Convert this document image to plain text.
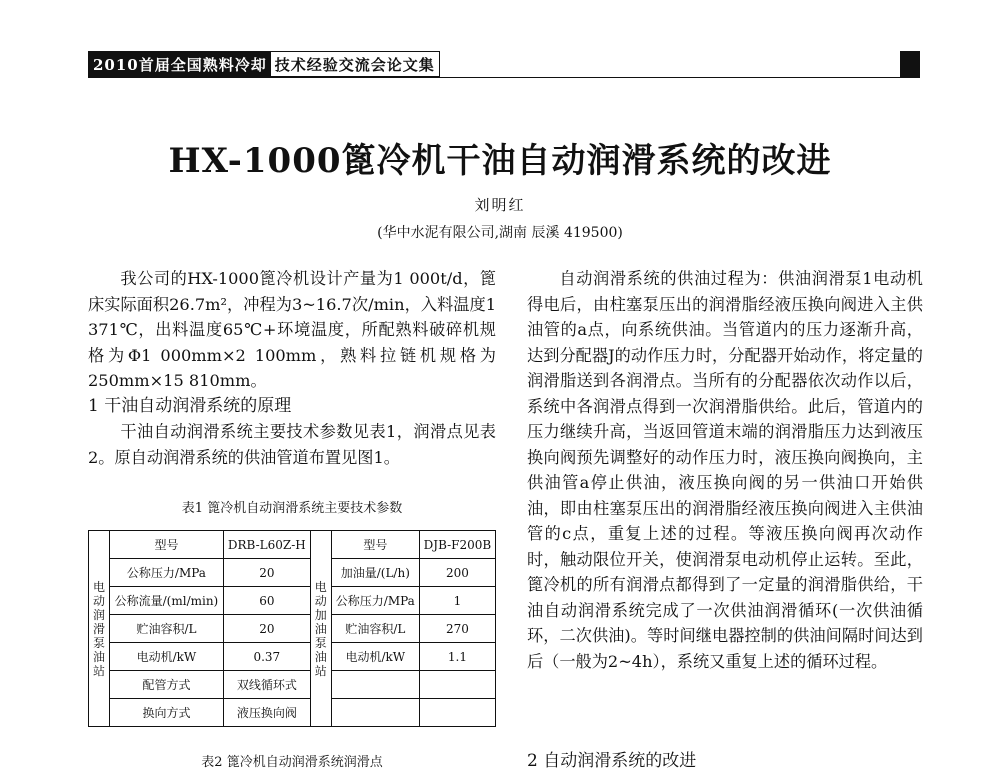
2010首届全国熟料冷却 技术经验交流会论文集
HX-1000篦冷机干油自动润滑系统的改进
刘明红
(华中水泥有限公司,湖南 辰溪 419500)

我公司的HX-1000篦冷机设计产量为1 000t/d，篦床实际面积26.7m²，冲程为3~16.7次/min，入料温度1 371℃，出料温度65℃+环境温度，所配熟料破碎机规格为Φ1 000mm×2 100mm，熟料拉链机规格为250mm×15 810mm。

1 干油自动润滑系统的原理

干油自动润滑系统主要技术参数见表1，润滑点见表2。原自动润滑系统的供油管道布置见图1。

表1 篦冷机自动润滑系统主要技术参数
电动润滑泵油站	型号	DRB-L60Z-H	电动加油泵油站	型号	DJB-F200B
	公称压力/MPa	20		加油量/(L/h)	200
	公称流量/(ml/min)	60		公称压力/MPa	1
	贮油容积/L	20		贮油容积/L	270
	电动机/kW	0.37		电动机/kW	1.1
	配管方式	双线循环式			
	换向方式	液压换向阀			
表2 篦冷机自动润滑系统润滑点

自动润滑系统的供油过程为：供油润滑泵1电动机得电后，由柱塞泵压出的润滑脂经液压换向阀进入主供油管的a点，向系统供油。当管道内的压力逐渐升高，达到分配器J的动作压力时，分配器开始动作，将定量的润滑脂送到各润滑点。当所有的分配器依次动作以后，系统中各润滑点得到一次润滑脂供给。此后，管道内的压力继续升高，当返回管道末端的润滑脂压力达到液压换向阀预先调整好的动作压力时，液压换向阀换向，主供油管a停止供油，液压换向阀的另一供油口开始供油，即由柱塞泵压出的润滑脂经液压换向阀进入主供油管的c点，重复上述的过程。等液压换向阀再次动作时，触动限位开关，使润滑泵电动机停止运转。至此，篦冷机的所有润滑点都得到了一定量的润滑脂供给，干油自动润滑系统完成了一次供油润滑循环(一次供油循环，二次供油)。等时间继电器控制的供油间隔时间达到后（一般为2~4h），系统又重复上述的循环过程。

2 自动润滑系统的改进
